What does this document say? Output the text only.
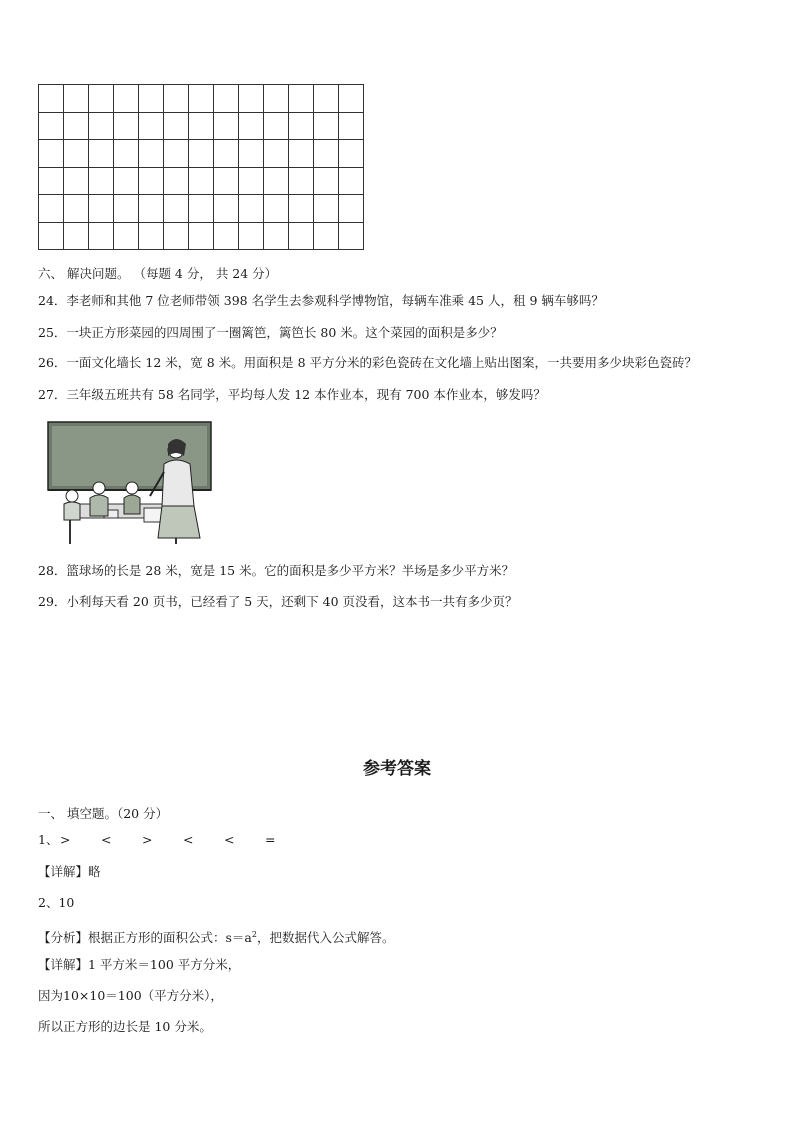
六、 解决问题。 （每题 4 分， 共 24 分）
24．李老师和其他 7 位老师带领 398 名学生去参观科学博物馆，每辆车准乘 45 人，租 9 辆车够吗？
25．一块正方形菜园的四周围了一圈篱笆，篱笆长 80 米。这个菜园的面积是多少？
26．一面文化墙长 12 米，宽 8 米。用面积是 8 平方分米的彩色瓷砖在文化墙上贴出图案，一共要用多少块彩色瓷砖？
27．三年级五班共有 58 名同学，平均每人发 12 本作业本，现有 700 本作业本，够发吗？
28．篮球场的长是 28 米，宽是 15 米。它的面积是多少平方米？半场是多少平方米？
29．小利每天看 20 页书，已经看了 5 天，还剩下 40 页没看，这本书一共有多少页？
参考答案
一、 填空题。（20 分）
1、 > < > < < =
【详解】略
2、10
【分析】根据正方形的面积公式：$s=a^2$，把数据代入公式解答。
【详解】1 平方米＝100 平方分米，
因为10×10＝100（平方分米），
所以正方形的边长是 10 分米。
